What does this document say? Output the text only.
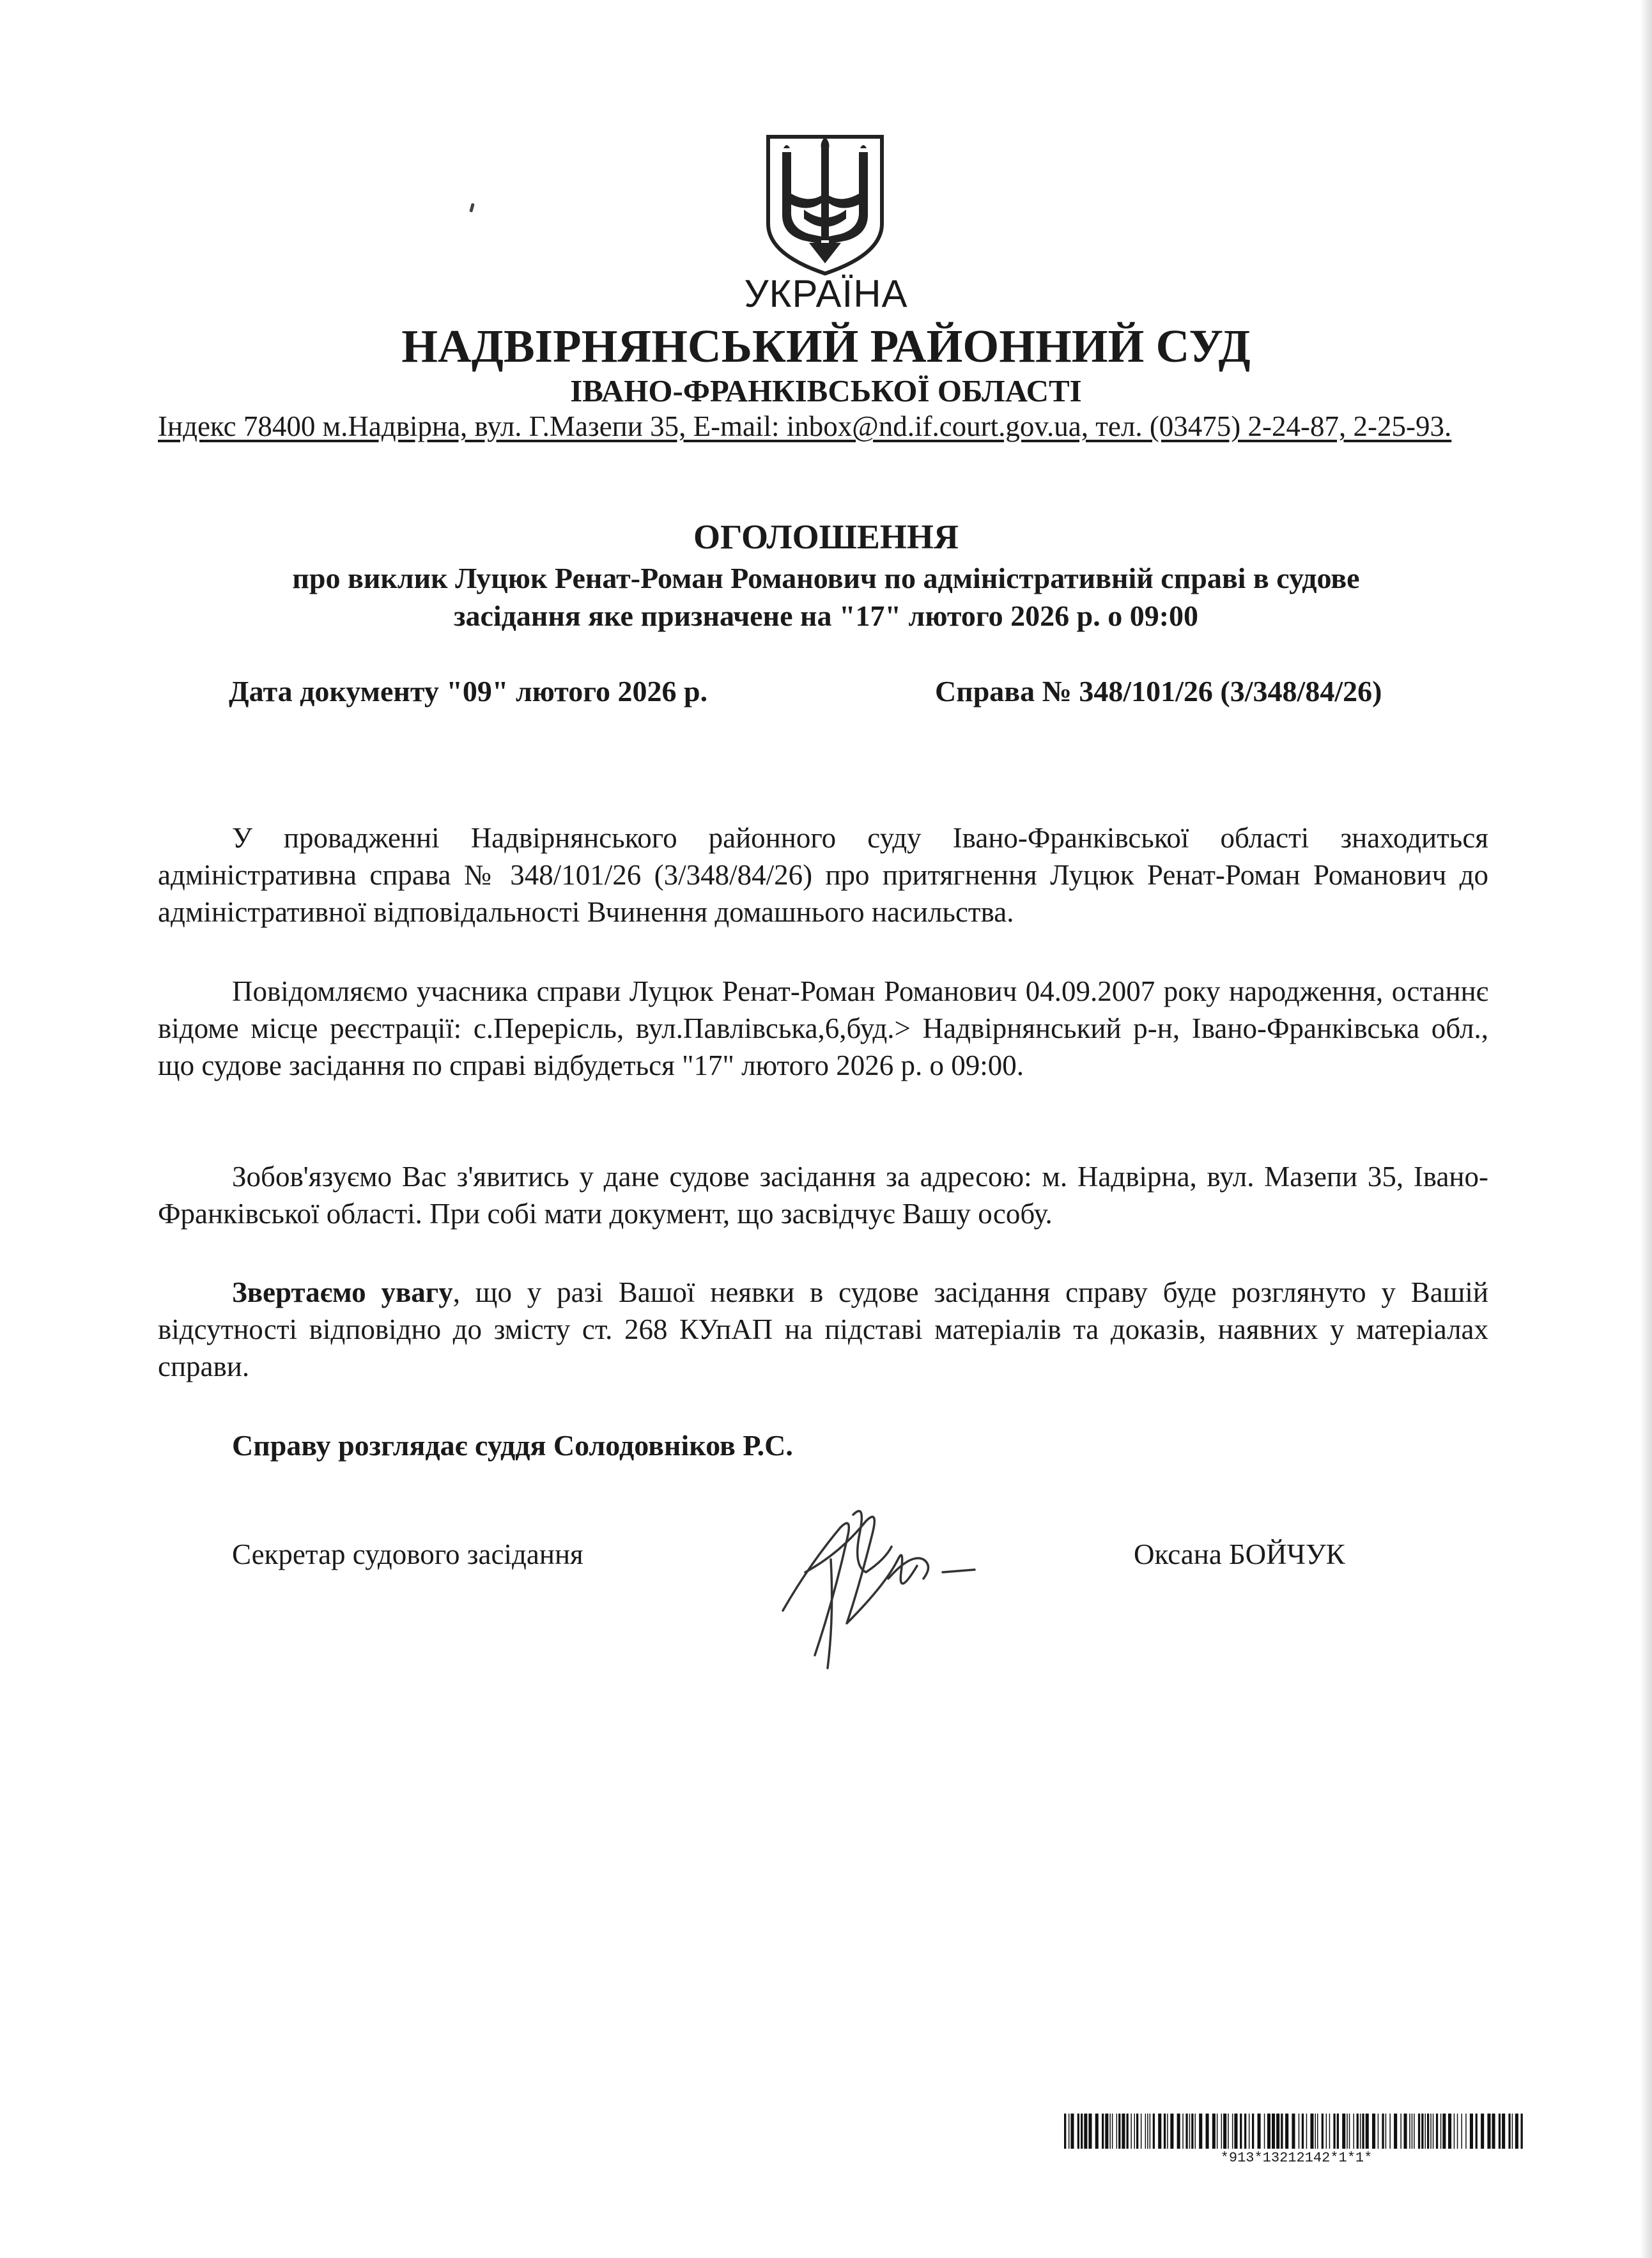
УКРАЇНА
НАДВІРНЯНСЬКИЙ РАЙОННИЙ СУД
ІВАНО-ФРАНКІВСЬКОЇ ОБЛАСТІ
Індекс 78400 м.Надвірна, вул. Г.Мазепи 35, E-mail: inbox@nd.if.court.gov.ua, тел. (03475) 2-24-87, 2-25-93.
ОГОЛОШЕННЯ
про виклик Луцюк Ренат-Роман Романович по адміністративній справі в судове
засідання яке призначене на "17" лютого 2026 р. о 09:00
Дата документу "09" лютого 2026 р.	Справа № 348/101/26 (3/348/84/26)

У провадженні Надвірнянського районного суду Івано-Франківської області знаходиться адміністративна справа № 348/101/26 (3/348/84/26) про притягнення Луцюк Ренат-Роман Романович до адміністративної відповідальності Вчинення домашнього насильства.

Повідомляємо учасника справи Луцюк Ренат-Роман Романович 04.09.2007 року народження, останнє відоме місце реєстрації: с.Перерісль, вул.Павлівська,6,буд.> Надвірнянський р-н, Івано-Франківська обл., що судове засідання по справі відбудеться "17" лютого 2026 р. о 09:00.

Зобов'язуємо Вас з'явитись у дане судове засідання за адресою: м. Надвірна, вул. Мазепи 35, Івано-Франківської області. При собі мати документ, що засвідчує Вашу особу.

Звертаємо увагу, що у разі Вашої неявки в судове засідання справу буде розглянуто у Вашій відсутності відповідно до змісту ст. 268 КУпАП на підставі матеріалів та доказів, наявних у матеріалах справи.

Справу розглядає суддя Солодовніков Р.С.
Секретар судового засідання	Оксана БОЙЧУК
*913*13212142*1*1*
